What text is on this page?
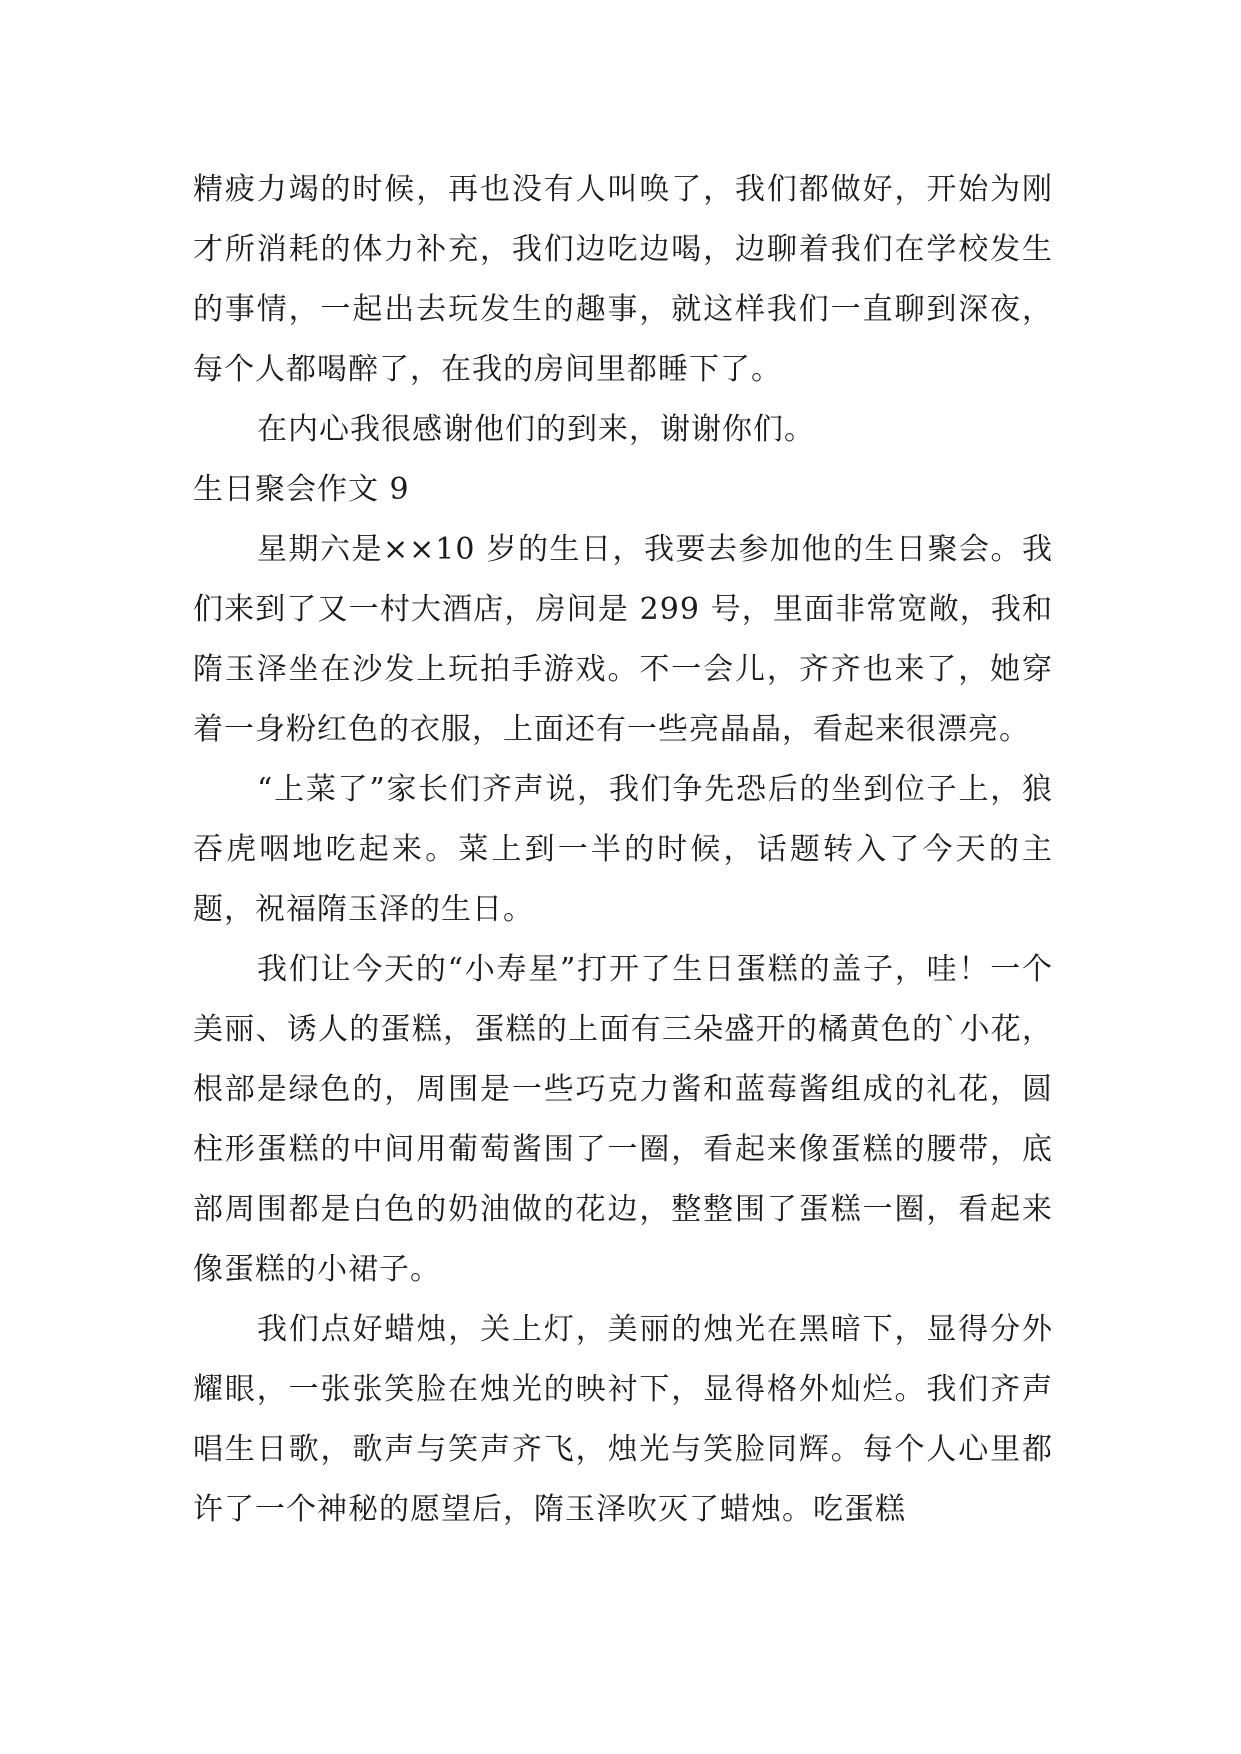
精疲力竭的时候，再也没有人叫唤了，我们都做好，开始为刚才所消耗的体力补充，我们边吃边喝，边聊着我们在学校发生的事情，一起出去玩发生的趣事，就这样我们一直聊到深夜，每个人都喝醉了，在我的房间里都睡下了。

在内心我很感谢他们的到来，谢谢你们。

生日聚会作文 9

星期六是××10 岁的生日，我要去参加他的生日聚会。我们来到了又一村大酒店，房间是 299 号，里面非常宽敞，我和隋玉泽坐在沙发上玩拍手游戏。不一会儿，齐齐也来了，她穿着一身粉红色的衣服，上面还有一些亮晶晶，看起来很漂亮。

“上菜了”家长们齐声说，我们争先恐后的坐到位子上，狼吞虎咽地吃起来。菜上到一半的时候，话题转入了今天的主题，祝福隋玉泽的生日。

我们让今天的“小寿星”打开了生日蛋糕的盖子，哇！一个美丽、诱人的蛋糕，蛋糕的上面有三朵盛开的橘黄色的`小花，根部是绿色的，周围是一些巧克力酱和蓝莓酱组成的礼花，圆柱形蛋糕的中间用葡萄酱围了一圈，看起来像蛋糕的腰带，底部周围都是白色的奶油做的花边，整整围了蛋糕一圈，看起来像蛋糕的小裙子。

我们点好蜡烛，关上灯，美丽的烛光在黑暗下，显得分外耀眼，一张张笑脸在烛光的映衬下，显得格外灿烂。我们齐声唱生日歌，歌声与笑声齐飞，烛光与笑脸同辉。每个人心里都许了一个神秘的愿望后，隋玉泽吹灭了蜡烛。吃蛋糕
